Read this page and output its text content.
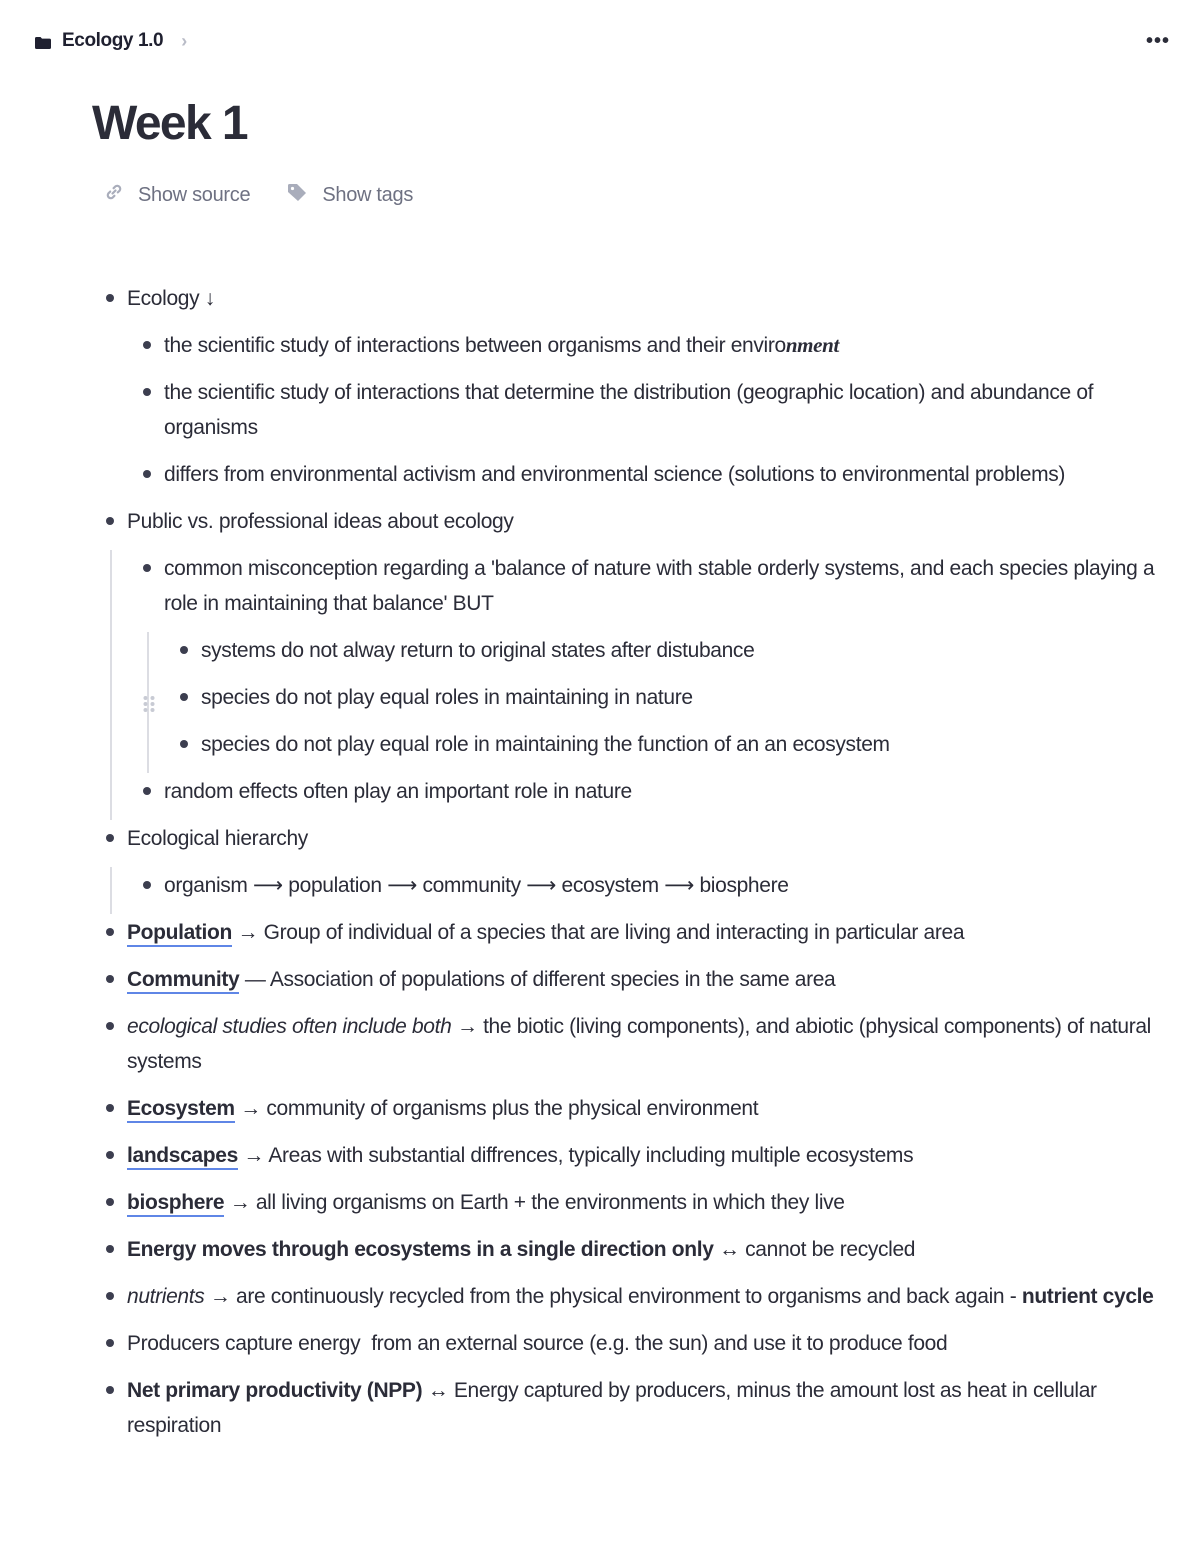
Ecology 1.0 ›	•••
Week 1
Show source	Show tags
Ecology ↓
the scientific study of interactions between organisms and their environment
the scientific study of interactions that determine the distribution (geographic location) and abundance of organisms
differs from environmental activism and environmental science (solutions to environmental problems)
Public vs. professional ideas about ecology
common misconception regarding a 'balance of nature with stable orderly systems, and each species playing a role in maintaining that balance' BUT
systems do not alway return to original states after distubance
species do not play equal roles in maintaining in nature
species do not play equal role in maintaining the function of an an ecosystem
random effects often play an important role in nature
Ecological hierarchy
organism ⟶ population ⟶ community ⟶ ecosystem ⟶ biosphere
Population → Group of individual of a species that are living and interacting in particular area
Community — Association of populations of different species in the same area
ecological studies often include both → the biotic (living components), and abiotic (physical components) of natural systems
Ecosystem → community of organisms plus the physical environment
landscapes → Areas with substantial diffrences, typically including multiple ecosystems
biosphere → all living organisms on Earth + the environments in which they live
Energy moves through ecosystems in a single direction only ↔ cannot be recycled
nutrients → are continuously recycled from the physical environment to organisms and back again - nutrient cycle
Producers capture energy  from an external source (e.g. the sun) and use it to produce food
Net primary productivity (NPP) ↔ Energy captured by producers, minus the amount lost as heat in cellular respiration
